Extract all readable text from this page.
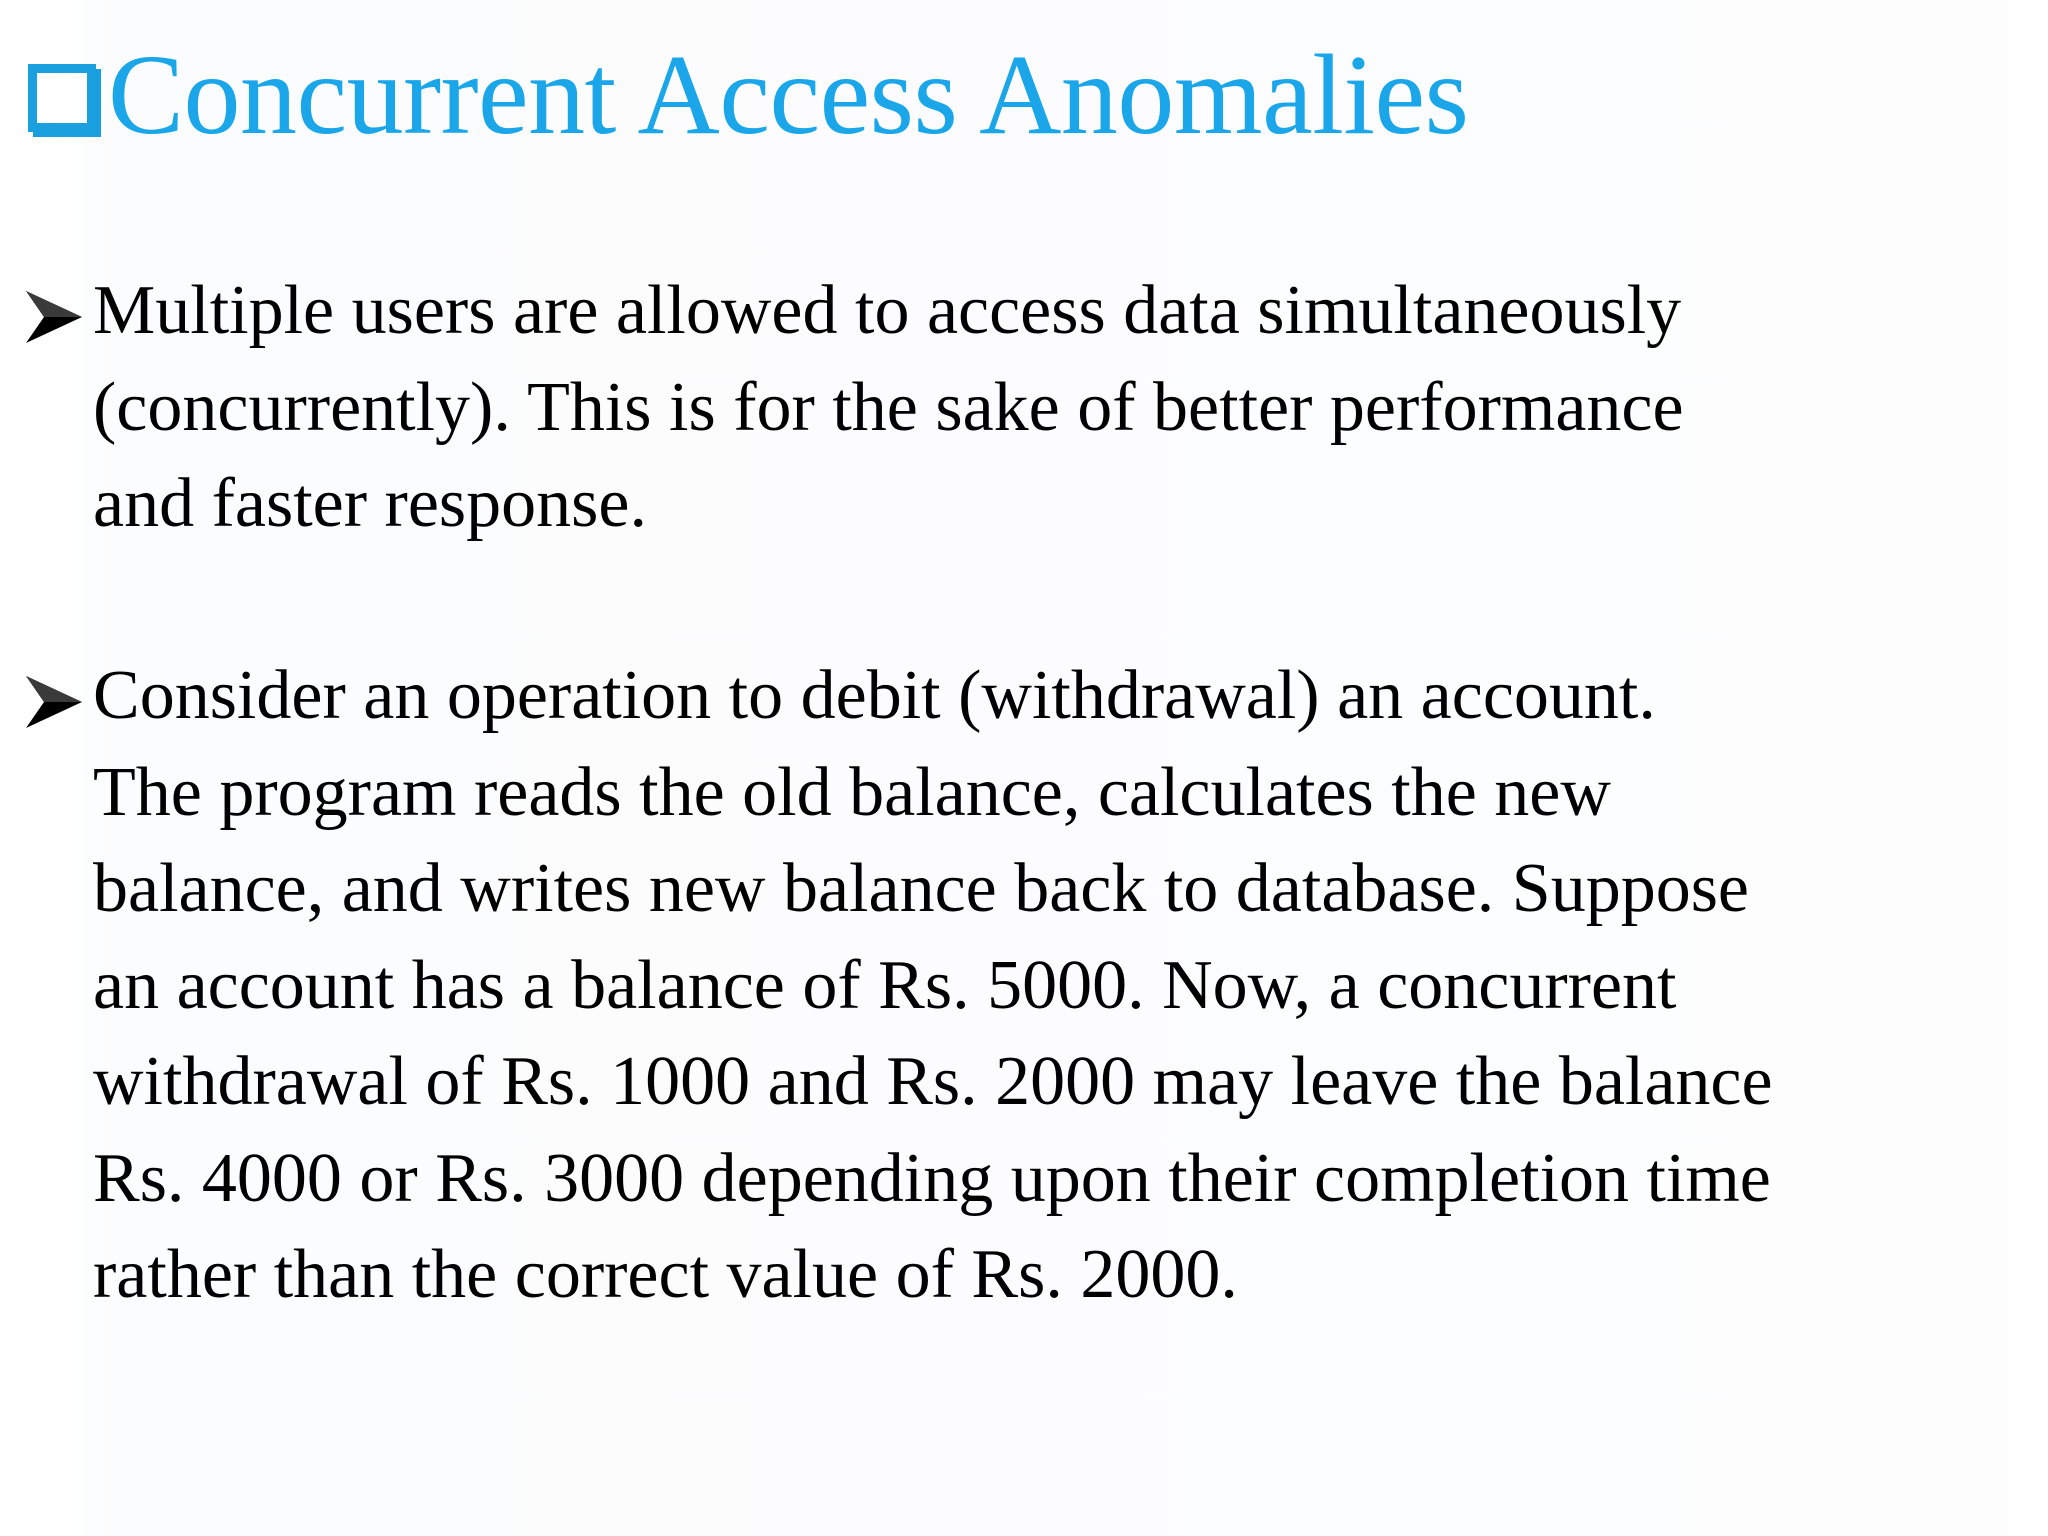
Concurrent Access Anomalies
Multiple users are allowed to access data simultaneously
(concurrently). This is for the sake of better performance
and faster response.
Consider an operation to debit (withdrawal) an account.
The program reads the old balance, calculates the new
balance, and writes new balance back to database. Suppose
an account has a balance of Rs. 5000. Now, a concurrent
withdrawal of Rs. 1000 and Rs. 2000 may leave the balance
Rs. 4000 or Rs. 3000 depending upon their completion time
rather than the correct value of Rs. 2000.
